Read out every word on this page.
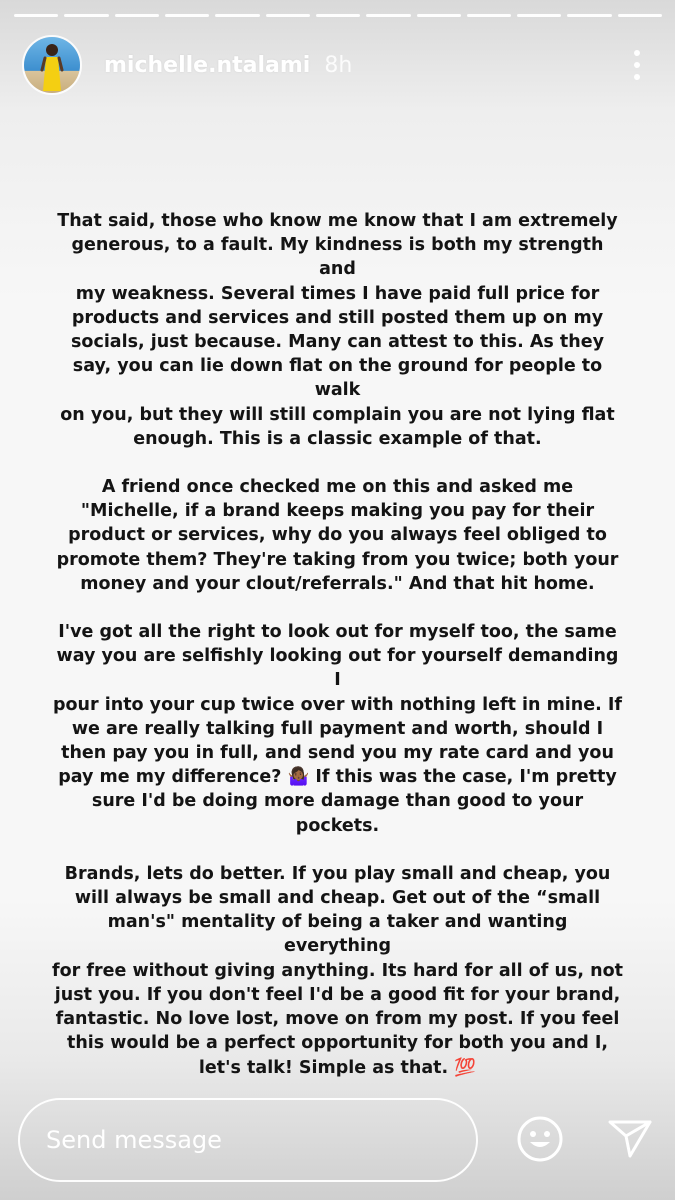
michelle.ntalami 8h

That said, those who know me know that I am extremely
generous, to a fault. My kindness is both my strength and
my weakness. Several times I have paid full price for
products and services and still posted them up on my
socials, just because. Many can attest to this. As they
say, you can lie down flat on the ground for people to walk
on you, but they will still complain you are not lying flat
enough. This is a classic example of that.

A friend once checked me on this and asked me
"Michelle, if a brand keeps making you pay for their
product or services, why do you always feel obliged to
promote them? They're taking from you twice; both your
money and your clout/referrals." And that hit home.

I've got all the right to look out for myself too, the same
way you are selfishly looking out for yourself demanding I
pour into your cup twice over with nothing left in mine. If
we are really talking full payment and worth, should I
then pay you in full, and send you my rate card and you
pay me my difference? 🤷🏾‍♀️ If this was the case, I'm pretty
sure I'd be doing more damage than good to your
pockets.

Brands, lets do better. If you play small and cheap, you
will always be small and cheap. Get out of the “small
man's" mentality of being a taker and wanting everything
for free without giving anything. Its hard for all of us, not
just you. If you don't feel I'd be a good fit for your brand,
fantastic. No love lost, move on from my post. If you feel
this would be a perfect opportunity for both you and I,
let's talk! Simple as that. 💯

Send message
